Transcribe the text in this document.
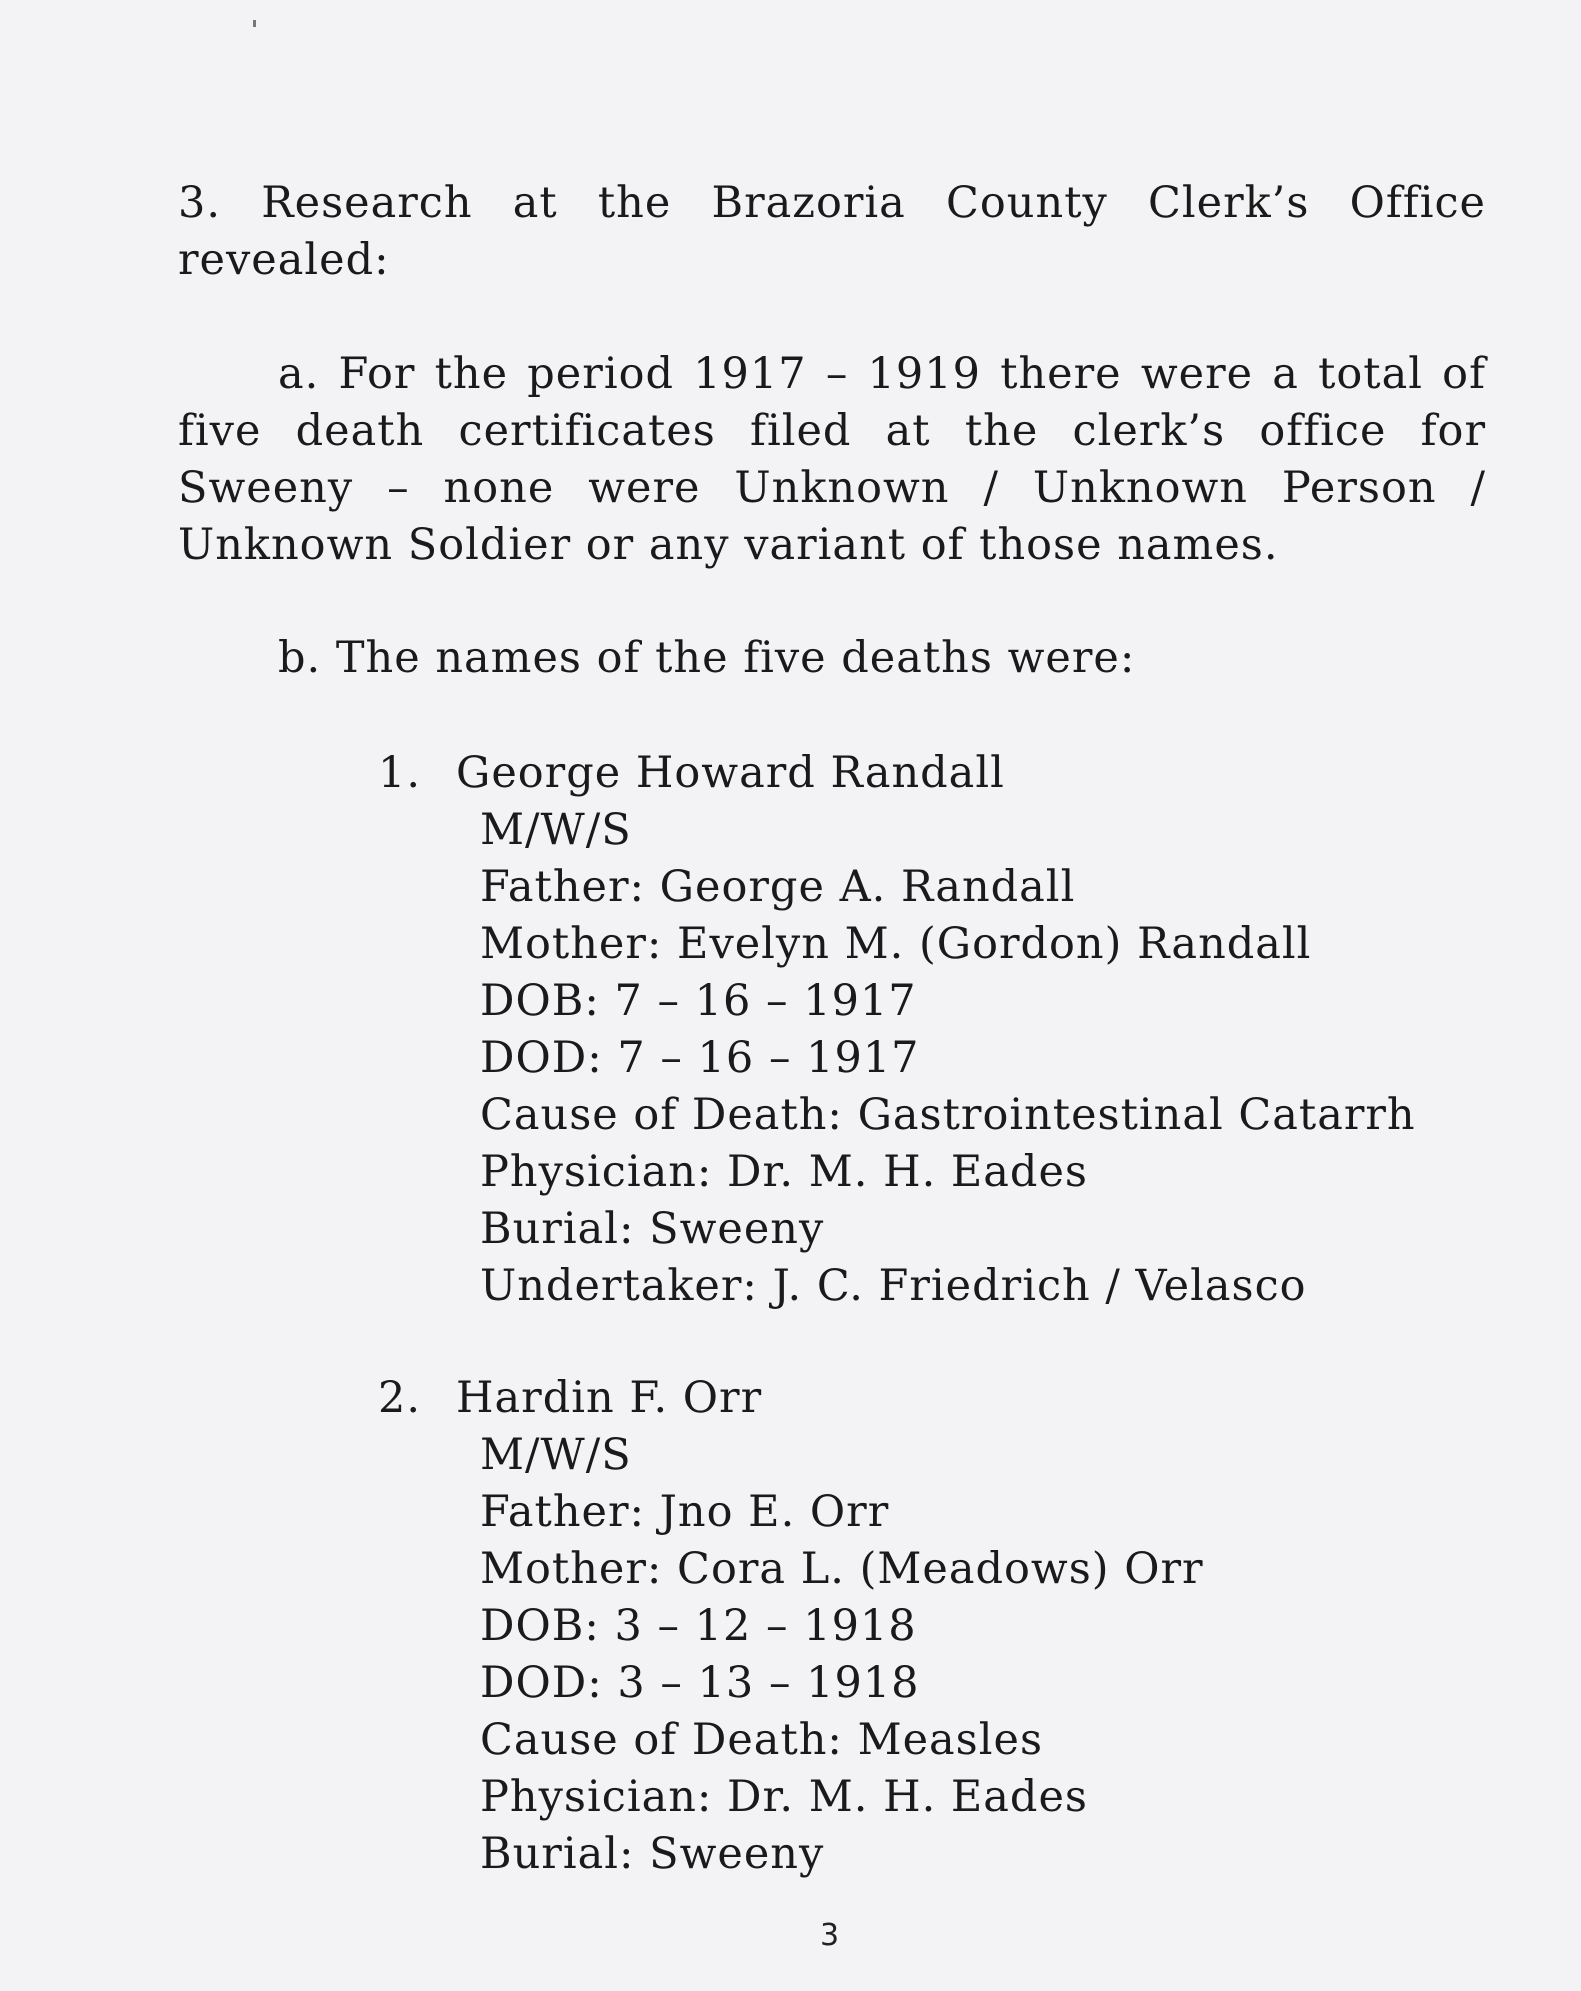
3. Research at the Brazoria County Clerk’s Office
revealed:
a. For the period 1917 – 1919 there were a total of
five death certificates filed at the clerk’s office for
Sweeny – none were Unknown / Unknown Person /
Unknown Soldier or any variant of those names.
b. The names of the five deaths were:
1. George Howard Randall
M/W/S
Father: George A. Randall
Mother: Evelyn M. (Gordon) Randall
DOB: 7 – 16 – 1917
DOD: 7 – 16 – 1917
Cause of Death: Gastrointestinal Catarrh
Physician: Dr. M. H. Eades
Burial: Sweeny
Undertaker: J. C. Friedrich / Velasco
2. Hardin F. Orr
M/W/S
Father: Jno E. Orr
Mother: Cora L. (Meadows) Orr
DOB: 3 – 12 – 1918
DOD: 3 – 13 – 1918
Cause of Death: Measles
Physician: Dr. M. H. Eades
Burial: Sweeny
3
